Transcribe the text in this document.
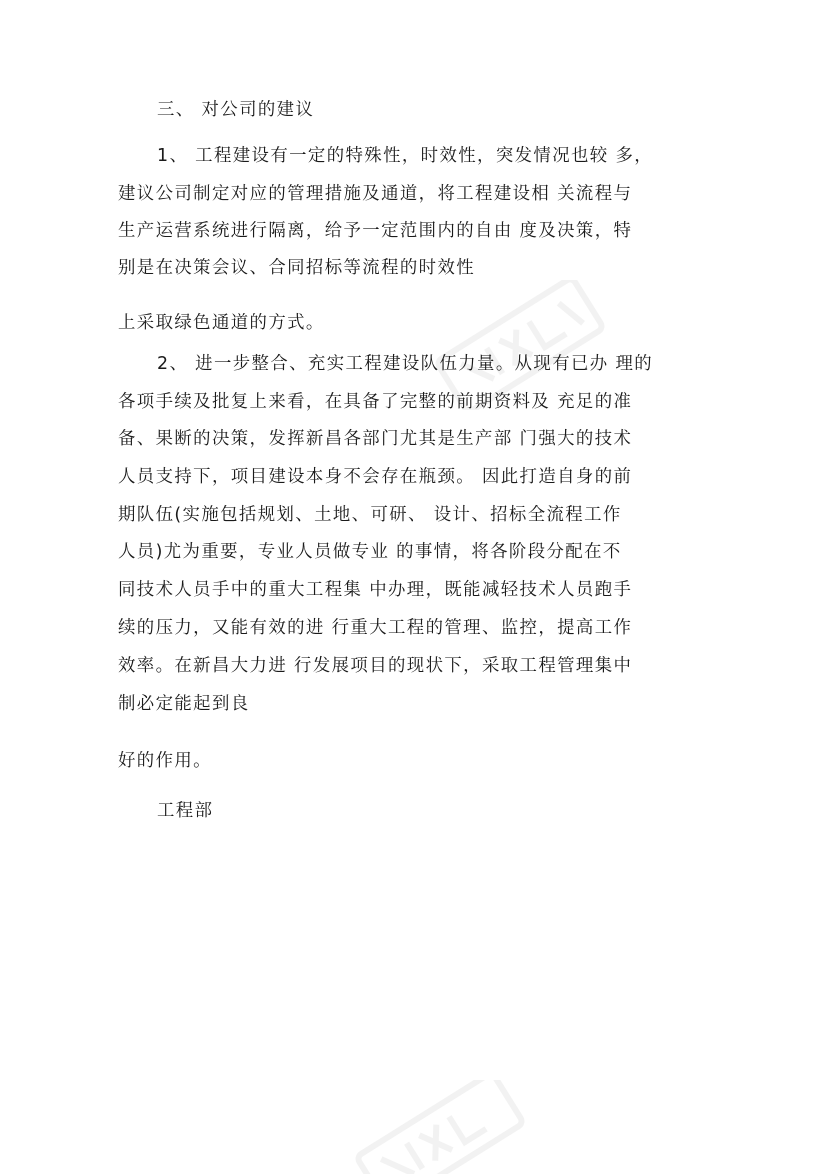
三、 对公司的建议
1、 工程建设有一定的特殊性，时效性，突发情况也较 多，
建议公司制定对应的管理措施及通道，将工程建设相 关流程与
生产运营系统进行隔离，给予一定范围内的自由 度及决策，特
别是在决策会议、合同招标等流程的时效性
上采取绿色通道的方式。
2、 进一步整合、充实工程建设队伍力量。从现有已办 理的
各项手续及批复上来看，在具备了完整的前期资料及 充足的准
备、果断的决策，发挥新昌各部门尤其是生产部 门强大的技术
人员支持下，项目建设本身不会存在瓶颈。 因此打造自身的前
期队伍(实施包括规划、土地、可研、 设计、招标全流程工作
人员)尤为重要，专业人员做专业 的事情，将各阶段分配在不
同技术人员手中的重大工程集 中办理，既能减轻技术人员跑手
续的压力，又能有效的进 行重大工程的管理、监控，提高工作
效率。在新昌大力进 行发展项目的现状下，采取工程管理集中
制必定能起到良
好的作用。
工程部
